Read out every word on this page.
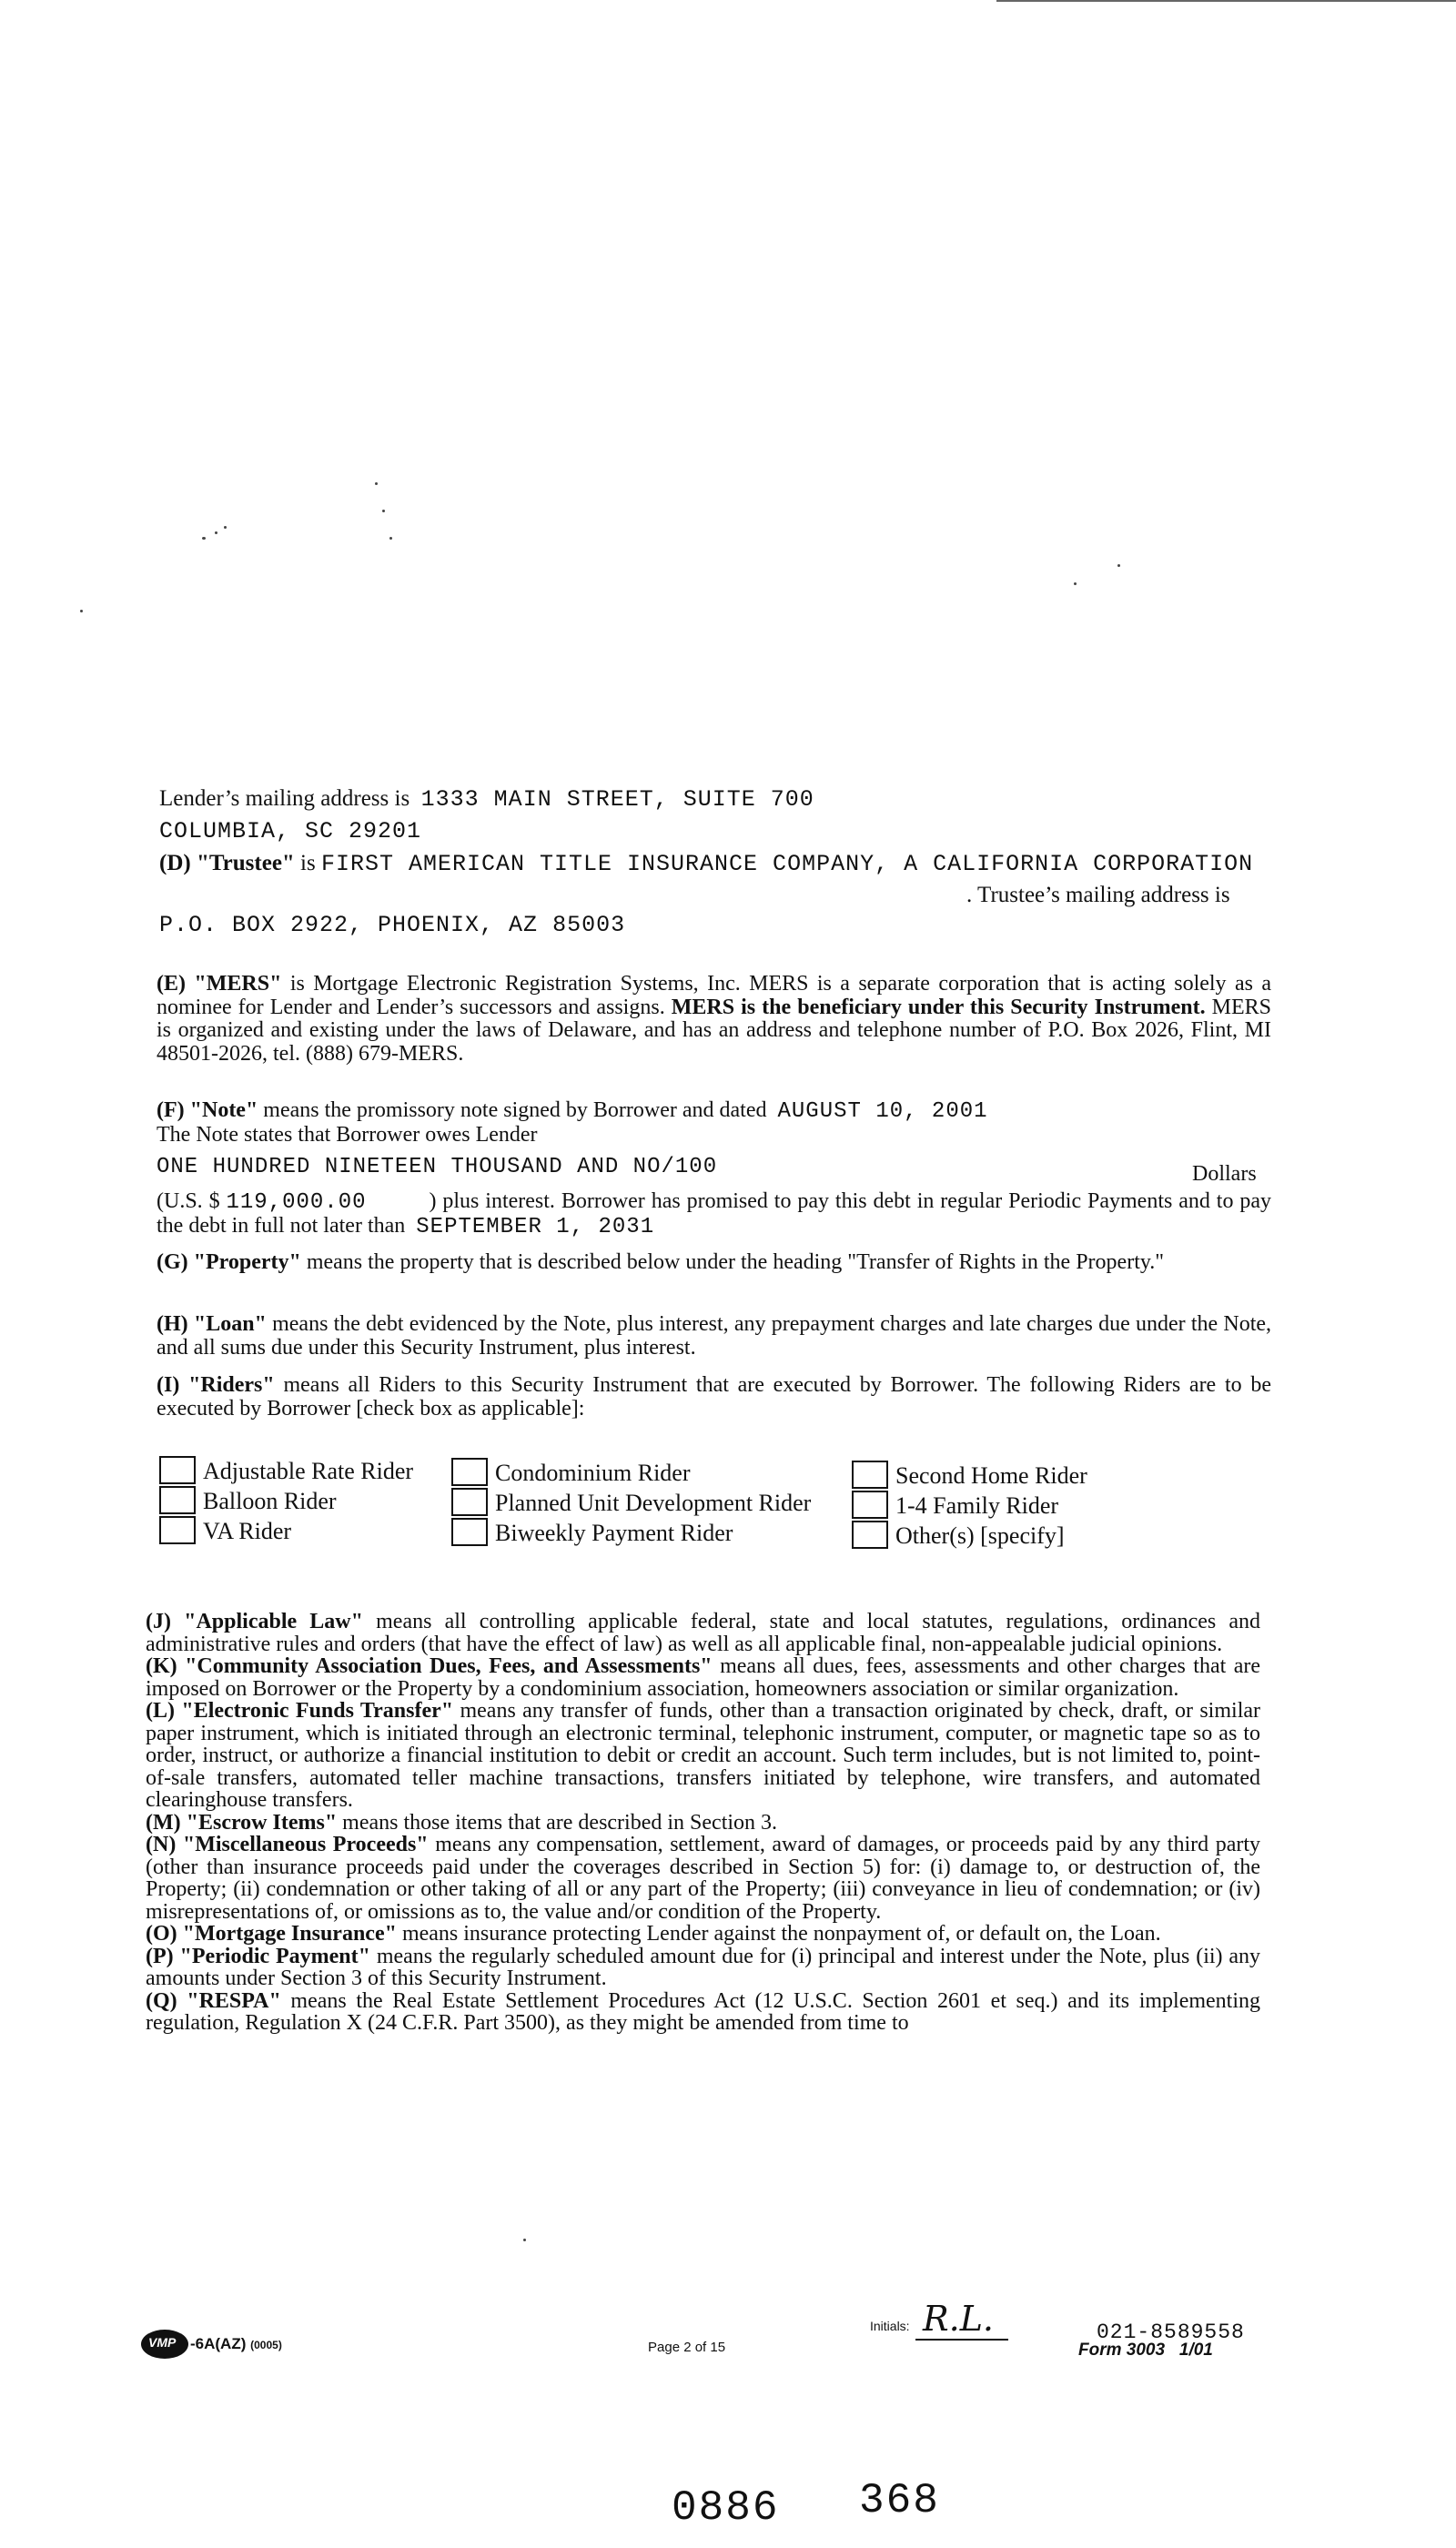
Lender’s mailing address is 1333 MAIN STREET, SUITE 700
COLUMBIA, SC 29201
(D) "Trustee" is FIRST AMERICAN TITLE INSURANCE COMPANY, A CALIFORNIA CORPORATION
. Trustee’s mailing address is
P.O. BOX 2922, PHOENIX, AZ 85003

(E) "MERS" is Mortgage Electronic Registration Systems, Inc. MERS is a separate corporation that is acting solely as a nominee for Lender and Lender’s successors and assigns. MERS is the beneficiary under this Security Instrument. MERS is organized and existing under the laws of Delaware, and has an address and telephone number of P.O. Box 2026, Flint, MI 48501-2026, tel. (888) 679-MERS.

(F) "Note" means the promissory note signed by Borrower and dated AUGUST 10, 2001
The Note states that Borrower owes Lender
ONE HUNDRED NINETEEN THOUSAND AND NO/100	Dollars

(U.S. $ 119,000.00	) plus interest. Borrower has promised to pay this debt in regular Periodic Payments and to pay the debt in full not later than SEPTEMBER 1, 2031

(G) "Property" means the property that is described below under the heading "Transfer of Rights in the Property."

(H) "Loan" means the debt evidenced by the Note, plus interest, any prepayment charges and late charges due under the Note, and all sums due under this Security Instrument, plus interest.

(I) "Riders" means all Riders to this Security Instrument that are executed by Borrower. The following Riders are to be executed by Borrower [check box as applicable]:

Adjustable Rate Rider	Condominium Rider	Second Home Rider
Balloon Rider	Planned Unit Development Rider	1-4 Family Rider
VA Rider	Biweekly Payment Rider	Other(s) [specify]

(J) "Applicable Law" means all controlling applicable federal, state and local statutes, regulations, ordinances and administrative rules and orders (that have the effect of law) as well as all applicable final, non-appealable judicial opinions.

(K) "Community Association Dues, Fees, and Assessments" means all dues, fees, assessments and other charges that are imposed on Borrower or the Property by a condominium association, homeowners association or similar organization.

(L) "Electronic Funds Transfer" means any transfer of funds, other than a transaction originated by check, draft, or similar paper instrument, which is initiated through an electronic terminal, telephonic instrument, computer, or magnetic tape so as to order, instruct, or authorize a financial institution to debit or credit an account. Such term includes, but is not limited to, point-of-sale transfers, automated teller machine transactions, transfers initiated by telephone, wire transfers, and automated clearinghouse transfers.

(M) "Escrow Items" means those items that are described in Section 3.

(N) "Miscellaneous Proceeds" means any compensation, settlement, award of damages, or proceeds paid by any third party (other than insurance proceeds paid under the coverages described in Section 5) for: (i) damage to, or destruction of, the Property; (ii) condemnation or other taking of all or any part of the Property; (iii) conveyance in lieu of condemnation; or (iv) misrepresentations of, or omissions as to, the value and/or condition of the Property.

(O) "Mortgage Insurance" means insurance protecting Lender against the nonpayment of, or default on, the Loan.

(P) "Periodic Payment" means the regularly scheduled amount due for (i) principal and interest under the Note, plus (ii) any amounts under Section 3 of this Security Instrument.

(Q) "RESPA" means the Real Estate Settlement Procedures Act (12 U.S.C. Section 2601 et seq.) and its implementing regulation, Regulation X (24 C.F.R. Part 3500), as they might be amended from time to

VMP -6A(AZ) (0005)	Page 2 of 15
Initials: R.L.	021-8589558
Form 3003   1/01
0886 368
